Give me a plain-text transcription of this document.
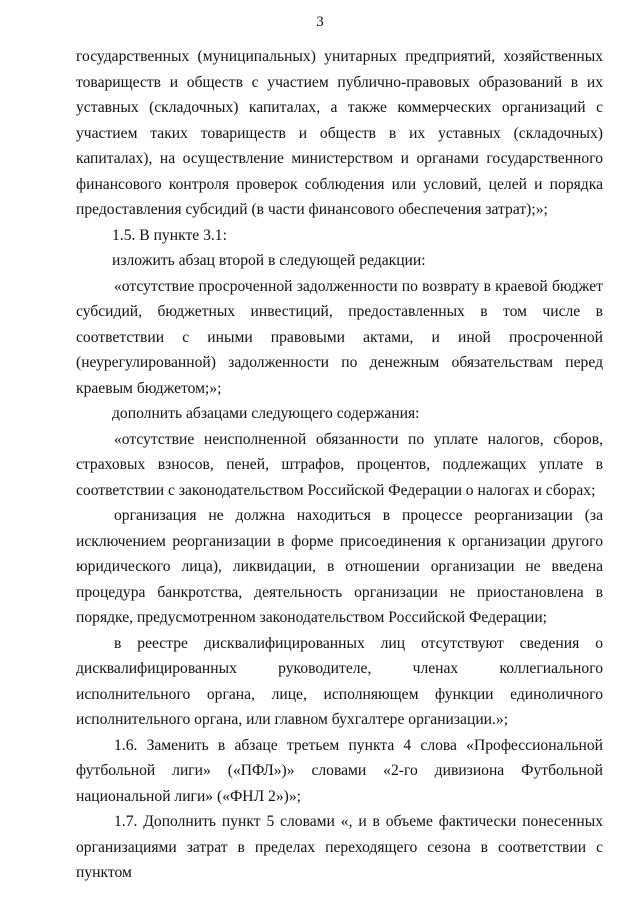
3

государственных (муниципальных) унитарных предприятий, хозяйственных товариществ и обществ с участием публично-правовых образований в их уставных (складочных) капиталах, а также коммерческих организаций с участием таких товариществ и обществ в их уставных (складочных) капиталах), на осуществление министерством и органами государственного финансового контроля проверок соблюдения или условий, целей и порядка предоставления субсидий (в части финансового обеспечения затрат);»;

1.5. В пункте 3.1:

изложить абзац второй в следующей редакции:

«отсутствие просроченной задолженности по возврату в краевой бюджет субсидий, бюджетных инвестиций, предоставленных в том числе в соответствии с иными правовыми актами, и иной просроченной (неурегулированной) задолженности по денежным обязательствам перед краевым бюджетом;»;

дополнить абзацами следующего содержания:

«отсутствие неисполненной обязанности по уплате налогов, сборов, страховых взносов, пеней, штрафов, процентов, подлежащих уплате в соответствии с законодательством Российской Федерации о налогах и сборах;

организация не должна находиться в процессе реорганизации (за исключением реорганизации в форме присоединения к организации другого юридического лица), ликвидации, в отношении организации не введена процедура банкротства, деятельность организации не приостановлена в порядке, предусмотренном законодательством Российской Федерации;

в реестре дисквалифицированных лиц отсутствуют сведения о дисквалифицированных руководителе, членах коллегиального исполнительного органа, лице, исполняющем функции единоличного исполнительного органа, или главном бухгалтере организации.»;

1.6. Заменить в абзаце третьем пункта 4 слова «Профессиональной футбольной лиги» («ПФЛ»)» словами «2-го дивизиона Футбольной национальной лиги» («ФНЛ 2»)»;

1.7. Дополнить пункт 5 словами «, и в объеме фактически понесенных организациями затрат в пределах переходящего сезона в соответствии с пунктом
